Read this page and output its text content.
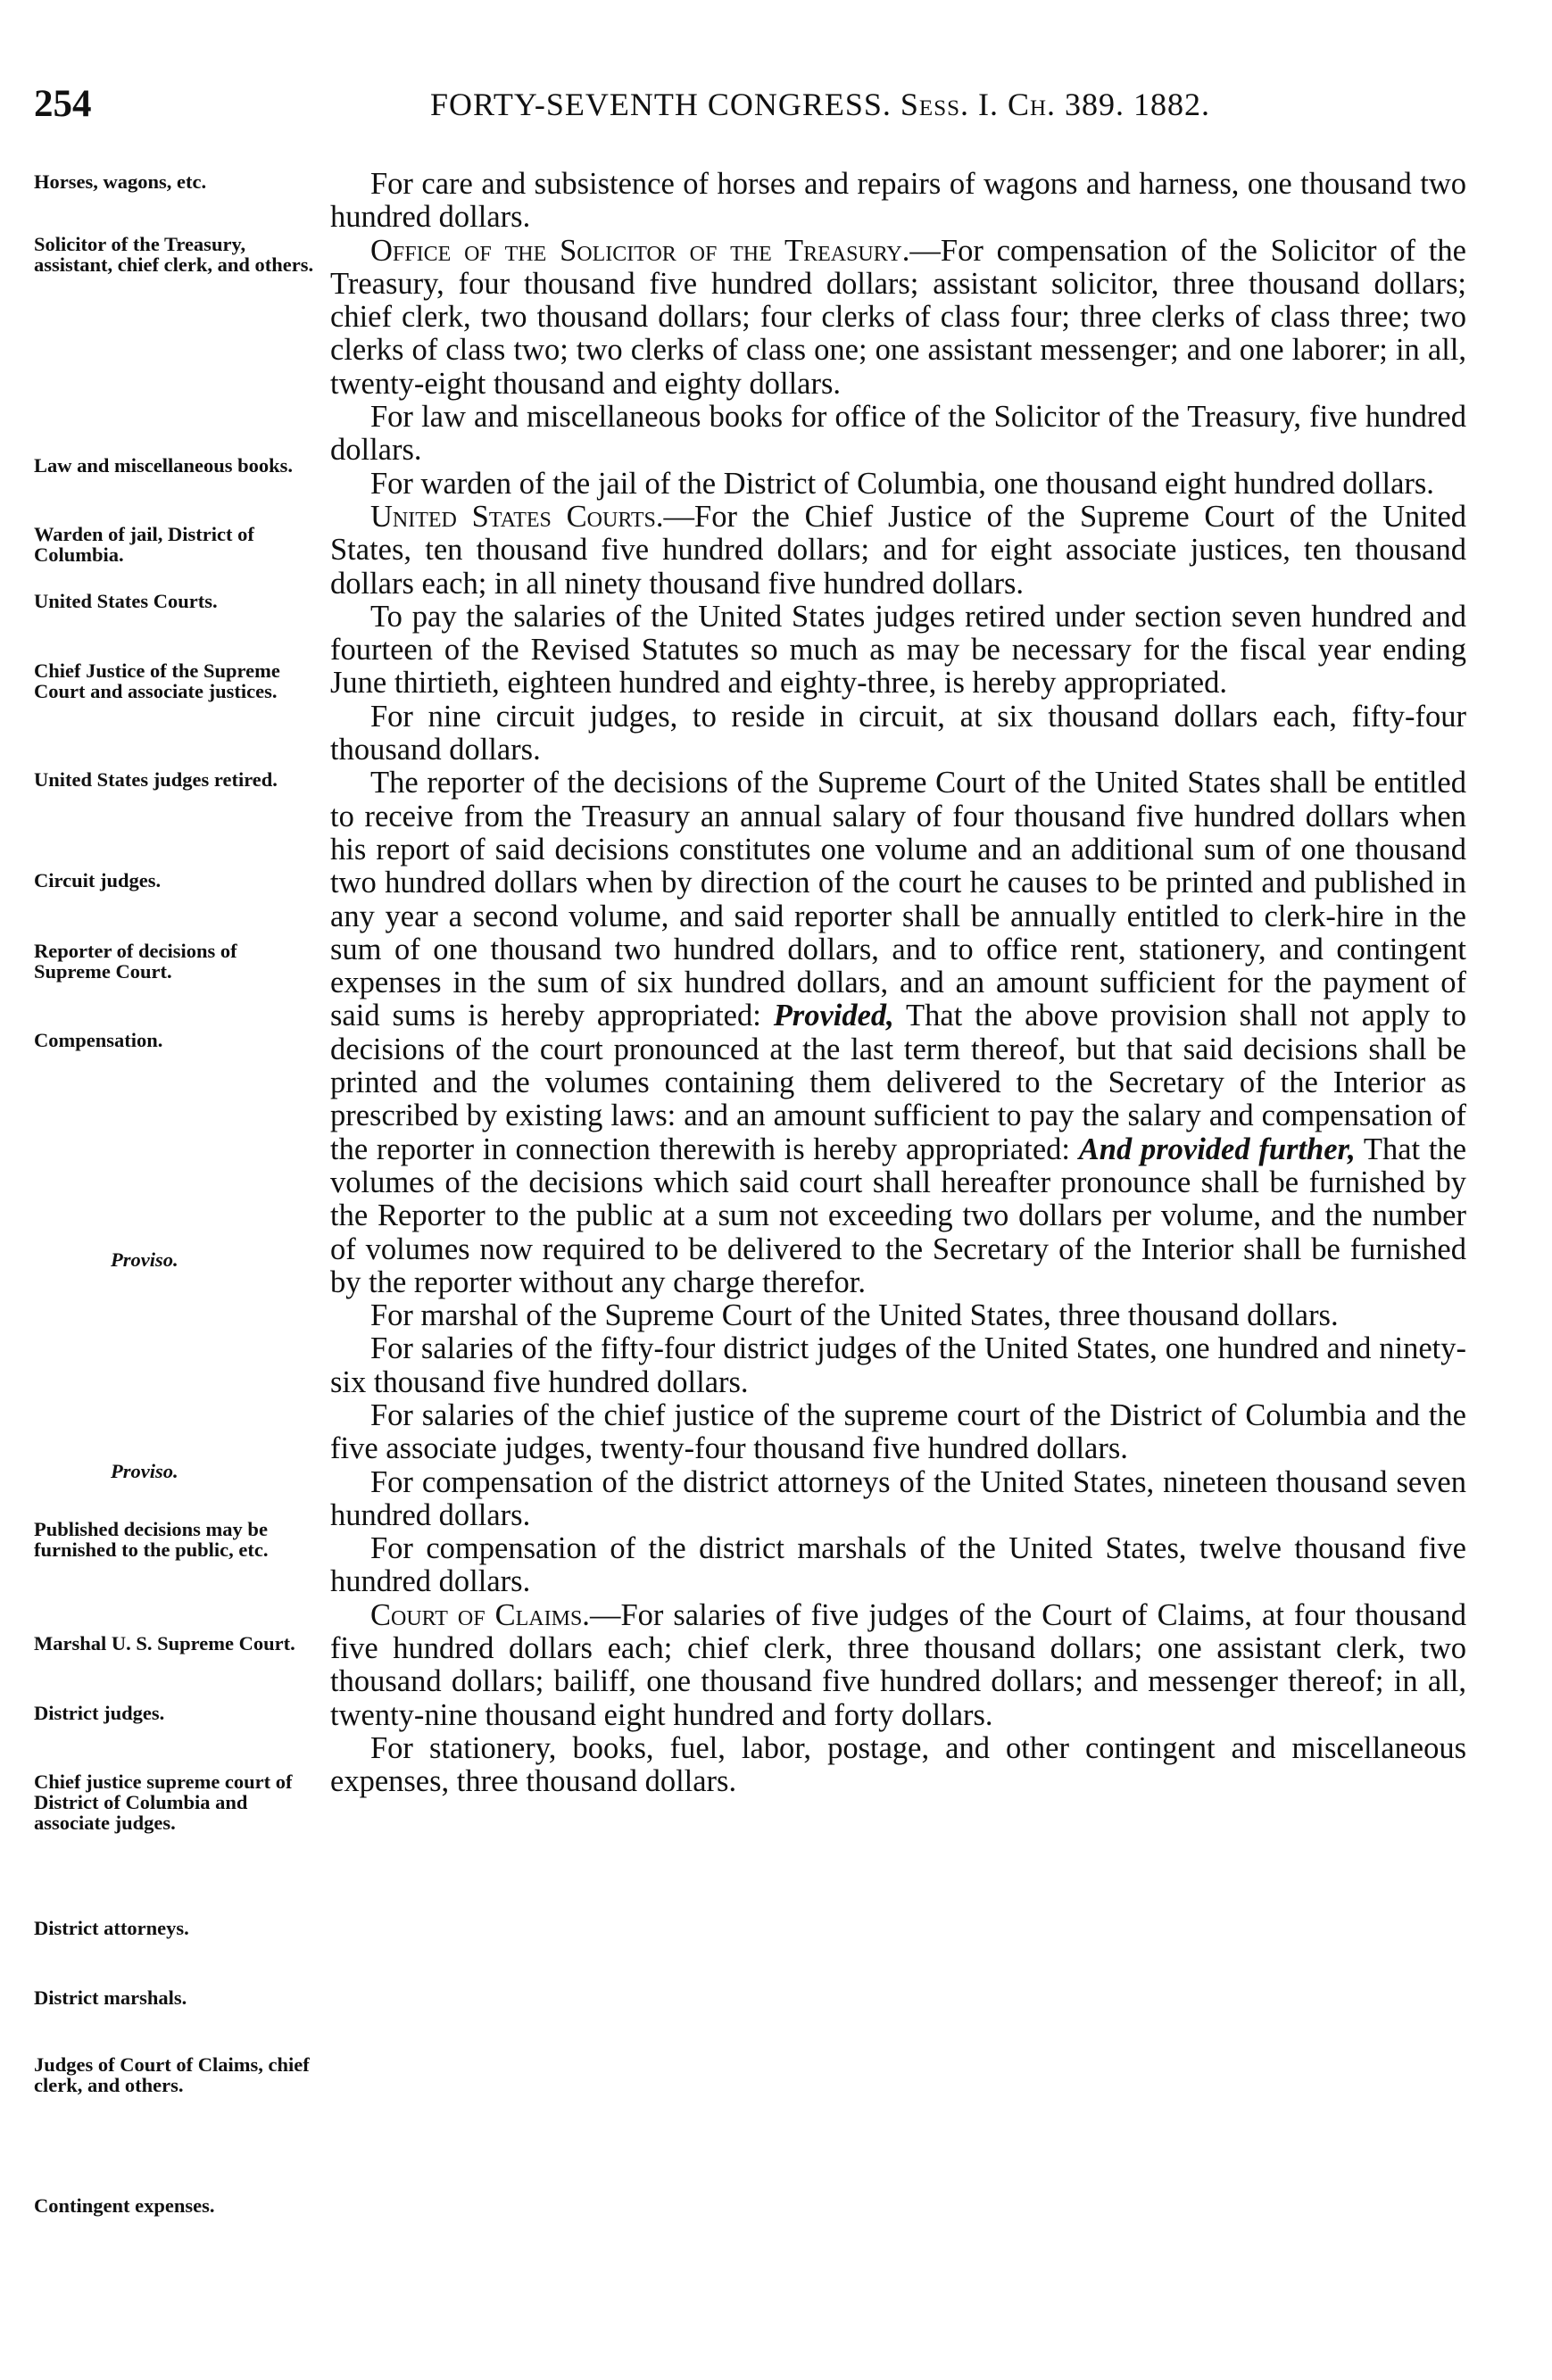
254	FORTY-SEVENTH CONGRESS. Sess. I. Ch. 389. 1882.
Horses, wagons, etc.
Solicitor of the Treasury, assistant, chief clerk, and others.
Law and miscellaneous books.
Warden of jail, District of Columbia.
United States Courts.
Chief Justice of the Supreme Court and associate justices.
United States judges retired.
Circuit judges.
Reporter of decisions of Supreme Court.
Compensation.
Proviso.
Proviso.
Published decisions may be furnished to the public, etc.
Marshal U. S. Supreme Court.
District judges.
Chief justice supreme court of District of Columbia and associate judges.
District attorneys.
District marshals.
Judges of Court of Claims, chief clerk, and others.
Contingent expenses.

For care and subsistence of horses and repairs of wagons and harness, one thousand two hundred dollars.

Office of the Solicitor of the Treasury.—For compensation of the Solicitor of the Treasury, four thousand five hundred dollars; assistant solicitor, three thousand dollars; chief clerk, two thousand dollars; four clerks of class four; three clerks of class three; two clerks of class two; two clerks of class one; one assistant messenger; and one laborer; in all, twenty-eight thousand and eighty dollars.

For law and miscellaneous books for office of the Solicitor of the Treasury, five hundred dollars.

For warden of the jail of the District of Columbia, one thousand eight hundred dollars.

United States Courts.—For the Chief Justice of the Supreme Court of the United States, ten thousand five hundred dollars; and for eight associate justices, ten thousand dollars each; in all ninety thousand five hundred dollars.

To pay the salaries of the United States judges retired under section seven hundred and fourteen of the Revised Statutes so much as may be necessary for the fiscal year ending June thirtieth, eighteen hundred and eighty-three, is hereby appropriated.

For nine circuit judges, to reside in circuit, at six thousand dollars each, fifty-four thousand dollars.

The reporter of the decisions of the Supreme Court of the United States shall be entitled to receive from the Treasury an annual salary of four thousand five hundred dollars when his report of said decisions constitutes one volume and an additional sum of one thousand two hundred dollars when by direction of the court he causes to be printed and published in any year a second volume, and said reporter shall be annually entitled to clerk-hire in the sum of one thousand two hundred dollars, and to office rent, stationery, and contingent expenses in the sum of six hundred dollars, and an amount sufficient for the payment of said sums is hereby appropriated: Provided, That the above provision shall not apply to decisions of the court pronounced at the last term thereof, but that said decisions shall be printed and the volumes containing them delivered to the Secretary of the Interior as prescribed by existing laws: and an amount sufficient to pay the salary and compensation of the reporter in connection therewith is hereby appropriated: And provided further, That the volumes of the decisions which said court shall hereafter pronounce shall be furnished by the Reporter to the public at a sum not exceeding two dollars per volume, and the number of volumes now required to be delivered to the Secretary of the Interior shall be furnished by the reporter without any charge therefor.

For marshal of the Supreme Court of the United States, three thousand dollars.

For salaries of the fifty-four district judges of the United States, one hundred and ninety-six thousand five hundred dollars.

For salaries of the chief justice of the supreme court of the District of Columbia and the five associate judges, twenty-four thousand five hundred dollars.

For compensation of the district attorneys of the United States, nineteen thousand seven hundred dollars.

For compensation of the district marshals of the United States, twelve thousand five hundred dollars.

Court of Claims.—For salaries of five judges of the Court of Claims, at four thousand five hundred dollars each; chief clerk, three thousand dollars; one assistant clerk, two thousand dollars; bailiff, one thousand five hundred dollars; and messenger thereof; in all, twenty-nine thousand eight hundred and forty dollars.

For stationery, books, fuel, labor, postage, and other contingent and miscellaneous expenses, three thousand dollars.
